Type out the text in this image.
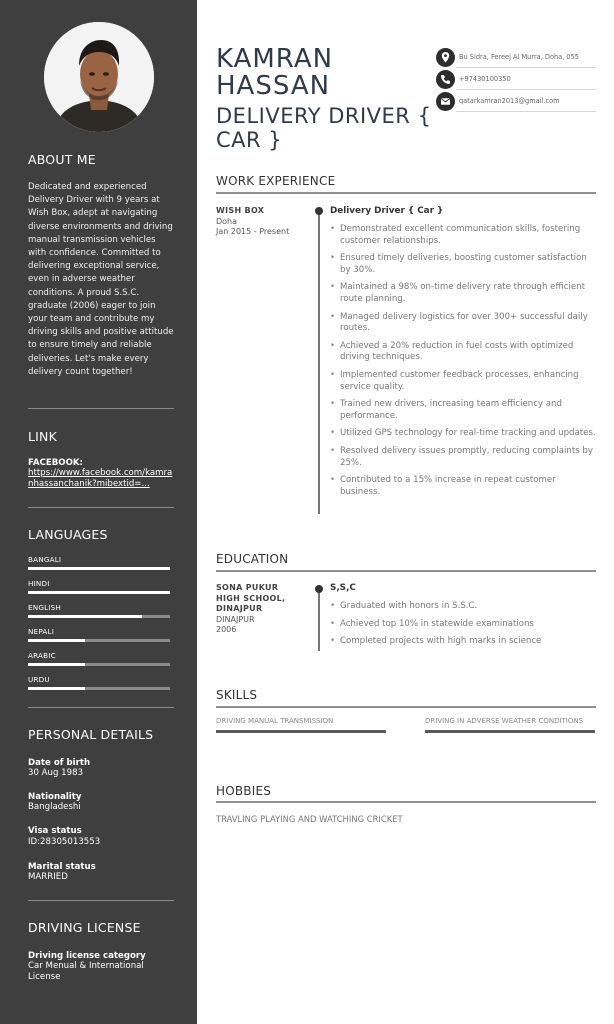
ABOUT ME
Dedicated and experienced Delivery Driver with 9 years at Wish Box, adept at navigating diverse environments and driving manual transmission vehicles with confidence. Committed to delivering exceptional service, even in adverse weather conditions. A proud S.S.C. graduate (2006) eager to join your team and contribute my driving skills and positive attitude to ensure timely and reliable deliveries. Let's make every delivery count together!
LINK
FACEBOOK:
https://www.facebook.com/kamranhassanchanik?mibextid=...
LANGUAGES
BANGALI
HINDI
ENGLISH
NEPALI
ARABIC
URDU
PERSONAL DETAILS
Date of birth
30 Aug 1983
Nationality
Bangladeshi
Visa status
ID:28305013553
Marital status
MARRIED
DRIVING LICENSE
Driving license category
Car Menual & International License
KAMRAN
HASSAN
DELIVERY DRIVER { CAR }
Bu Sidra, Fereej Al Murra, Doha, 055
+97430100350
qatarkamran2013@gmail.com
WORK EXPERIENCE
WISH BOX
Doha
Jan 2015 - Present
Delivery Driver { Car }
• Demonstrated excellent communication skills, fostering customer relationships.
• Ensured timely deliveries, boosting customer satisfaction by 30%.
• Maintained a 98% on-time delivery rate through efficient route planning.
• Managed delivery logistics for over 300+ successful daily routes.
• Achieved a 20% reduction in fuel costs with optimized driving techniques.
• Implemented customer feedback processes, enhancing service quality.
• Trained new drivers, increasing team efficiency and performance.
• Utilized GPS technology for real-time tracking and updates.
• Resolved delivery issues promptly, reducing complaints by 25%.
• Contributed to a 15% increase in repeat customer business.
EDUCATION
SONA PUKUR
HIGH SCHOOL,
DINAJPUR
DINAJPUR
2006
S,S,C
• Graduated with honors in S.S.C.
• Achieved top 10% in statewide examinations
• Completed projects with high marks in science
SKILLS
DRIVING MANUAL TRANSMISSION	DRIVING IN ADVERSE WEATHER CONDITIONS
HOBBIES
TRAVLING PLAYING AND WATCHING CRICKET
